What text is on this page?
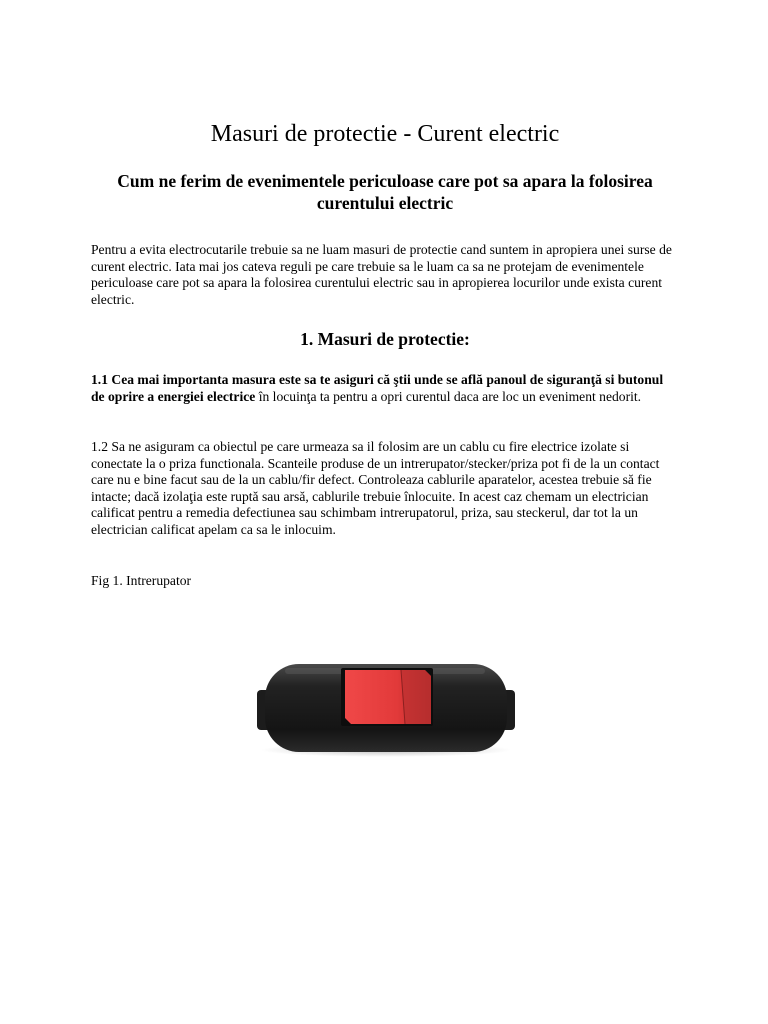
Masuri de protectie - Curent electric
Cum ne ferim de evenimentele periculoase care pot sa apara la folosirea curentului electric

Pentru a evita electrocutarile trebuie sa ne luam masuri de protectie cand suntem in apropiera unei surse de curent electric. Iata mai jos cateva reguli pe care trebuie sa le luam ca sa ne protejam de evenimentele periculoase care pot sa apara la folosirea curentului electric sau in apropierea locurilor unde exista curent electric.

1. Masuri de protectie:

1.1 Cea mai importanta masura este sa te asiguri că ştii unde se află panoul de siguranţă si butonul de oprire a energiei electrice în locuinţa ta pentru a opri curentul daca are loc un eveniment nedorit.

1.2 Sa ne asiguram ca obiectul pe care urmeaza sa il folosim are un cablu cu fire electrice izolate si conectate la o priza functionala. Scanteile produse de un intrerupator/stecker/priza pot fi de la un contact care nu e bine facut sau de la un cablu/fir defect. Controleaza cablurile aparatelor, acestea trebuie să fie intacte; dacă izolaţia este ruptă sau arsă, cablurile trebuie înlocuite. In acest caz chemam un electrician calificat pentru a remedia defectiunea sau schimbam intrerupatorul, priza, sau steckerul, dar tot la un electrician calificat apelam ca sa le inlocuim.

Fig 1. Intrerupator
